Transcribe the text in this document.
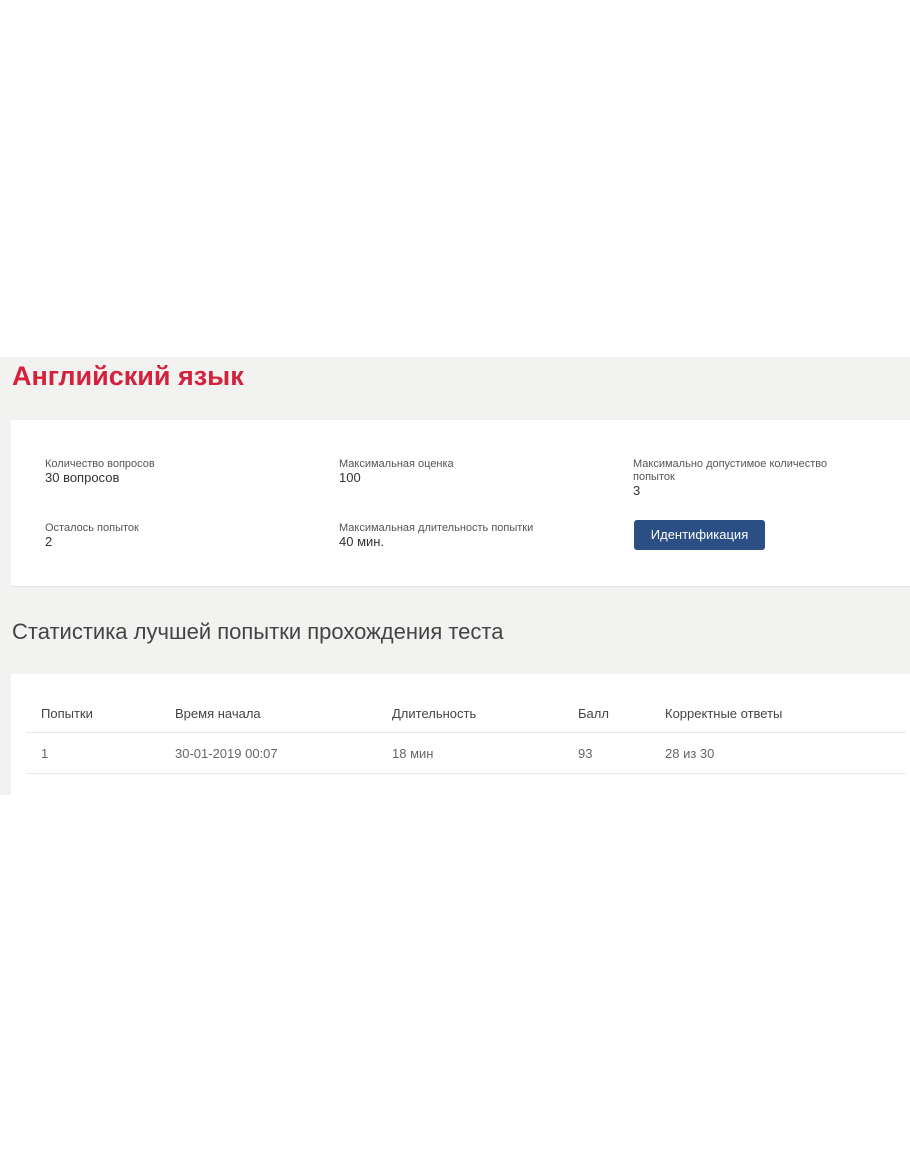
Английский язык
Количество вопросов
30 вопросов
Максимальная оценка
100
Максимально допустимое количество попыток
3
Осталось попыток
2
Максимальная длительность попытки
40 мин.	Идентификация
Статистика лучшей попытки прохождения теста
Попытки	Время начала	Длительность	Балл	Корректные ответы
1	30-01-2019 00:07	18 мин	93	28 из 30
